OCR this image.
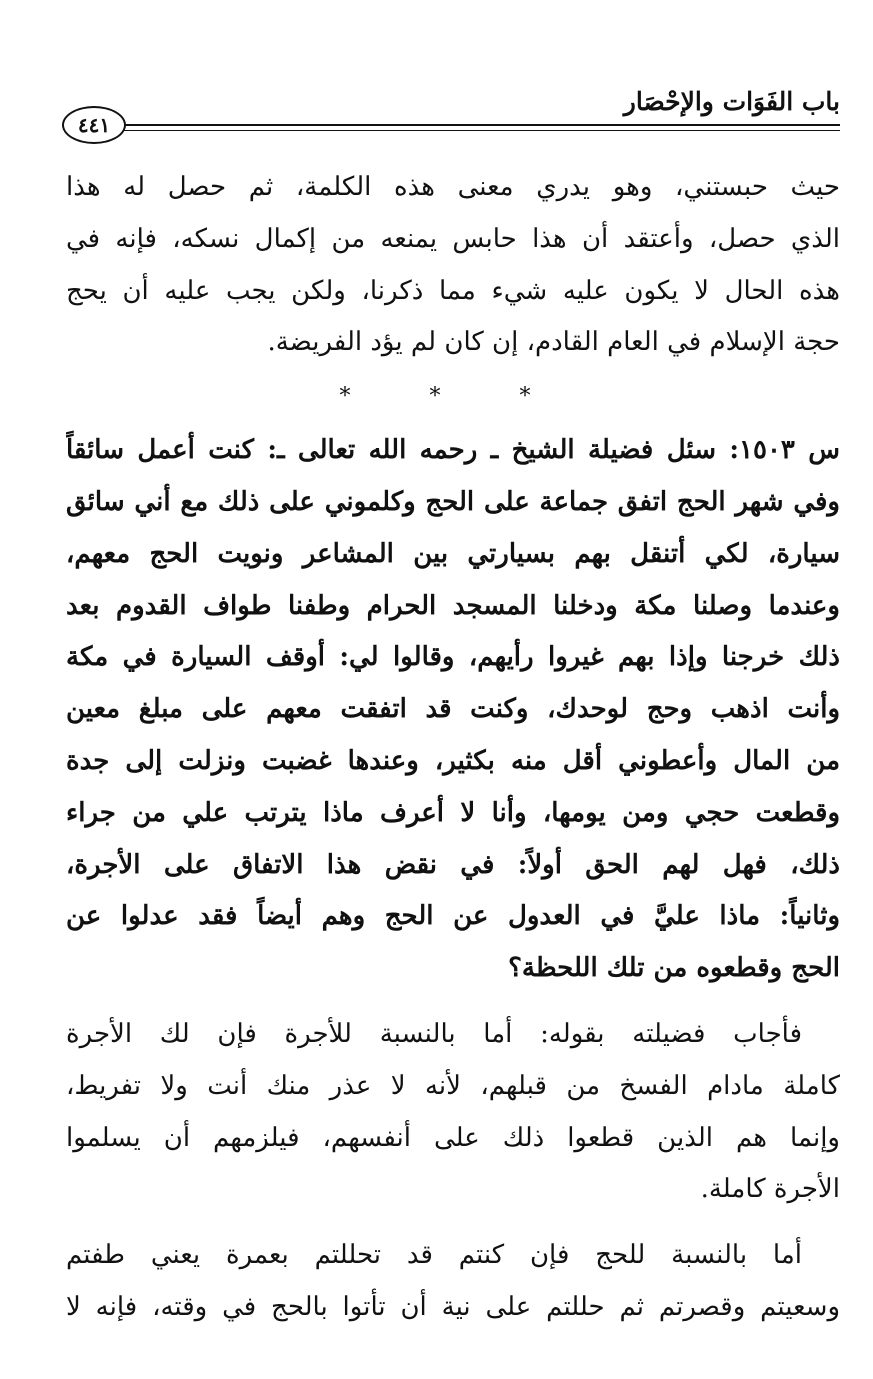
باب الفَوَات والإحْصَار
٤٤١
حيث حبستني، وهو يدري معنى هذه الكلمة، ثم حصل له هذا
الذي حصل، وأعتقد أن هذا حابس يمنعه من إكمال نسكه، فإنه في
هذه الحال لا يكون عليه شيء مما ذكرنا، ولكن يجب عليه أن يحج
حجة الإسلام في العام القادم، إن كان لم يؤد الفريضة.
* * *
س ١٥٠٣: سئل فضيلة الشيخ ـ رحمه الله تعالى ـ: كنت أعمل سائقاً
وفي شهر الحج اتفق جماعة على الحج وكلموني على ذلك مع أني سائق
سيارة، لكي أتنقل بهم بسيارتي بين المشاعر ونويت الحج معهم،
وعندما وصلنا مكة ودخلنا المسجد الحرام وطفنا طواف القدوم بعد
ذلك خرجنا وإذا بهم غيروا رأيهم، وقالوا لي: أوقف السيارة في مكة
وأنت اذهب وحج لوحدك، وكنت قد اتفقت معهم على مبلغ معين
من المال وأعطوني أقل منه بكثير، وعندها غضبت ونزلت إلى جدة
وقطعت حجي ومن يومها، وأنا لا أعرف ماذا يترتب علي من جراء
ذلك، فهل لهم الحق أولاً: في نقض هذا الاتفاق على الأجرة،
وثانياً: ماذا عليَّ في العدول عن الحج وهم أيضاً فقد عدلوا عن
الحج وقطعوه من تلك اللحظة؟
فأجاب فضيلته بقوله: أما بالنسبة للأجرة فإن لك الأجرة
كاملة مادام الفسخ من قبلهم، لأنه لا عذر منك أنت ولا تفريط،
وإنما هم الذين قطعوا ذلك على أنفسهم، فيلزمهم أن يسلموا
الأجرة كاملة.
أما بالنسبة للحج فإن كنتم قد تحللتم بعمرة يعني طفتم
وسعيتم وقصرتم ثم حللتم على نية أن تأتوا بالحج في وقته، فإنه لا
